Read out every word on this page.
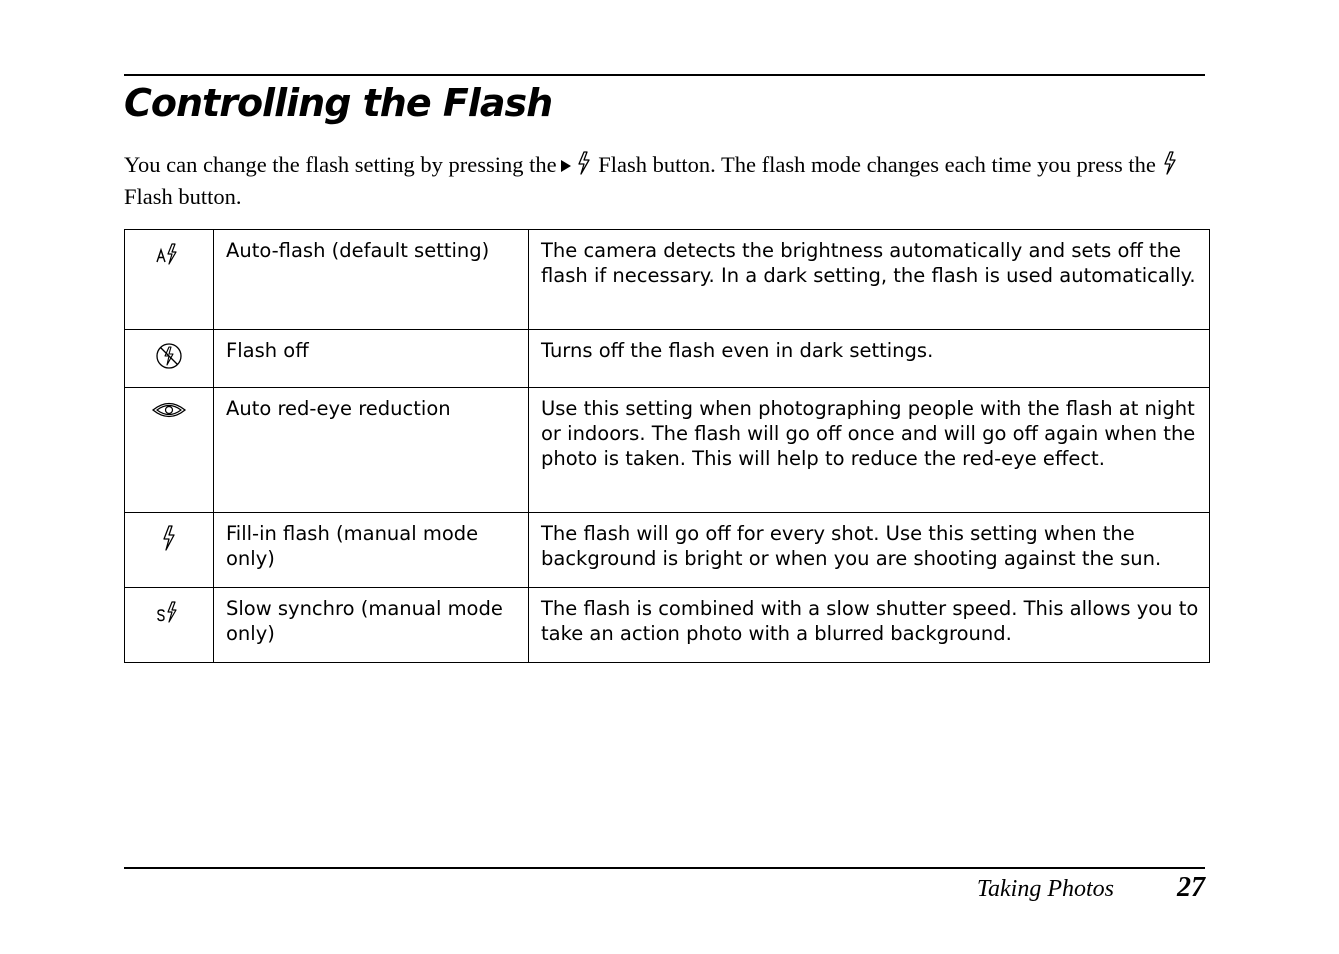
Controlling the Flash

You can change the flash setting by pressing the
Flash button. The flash mode changes each time you press the
Flash button.

	Auto-flash (default setting)	The camera detects the brightness automatically and sets off the flash if necessary. In a dark setting, the flash is used automatically.
	Flash off	Turns off the flash even in dark settings.
	Auto red-eye reduction	Use this setting when photographing people with the flash at night or indoors. The flash will go off once and will go off again when the photo is taken. This will help to reduce the red-eye effect.
	Fill-in flash (manual mode only)	The flash will go off for every shot. Use this setting when the background is bright or when you are shooting against the sun.
	Slow synchro (manual mode only)	The flash is combined with a slow shutter speed. This allows you to take an action photo with a blurred background.
Taking Photos 27
